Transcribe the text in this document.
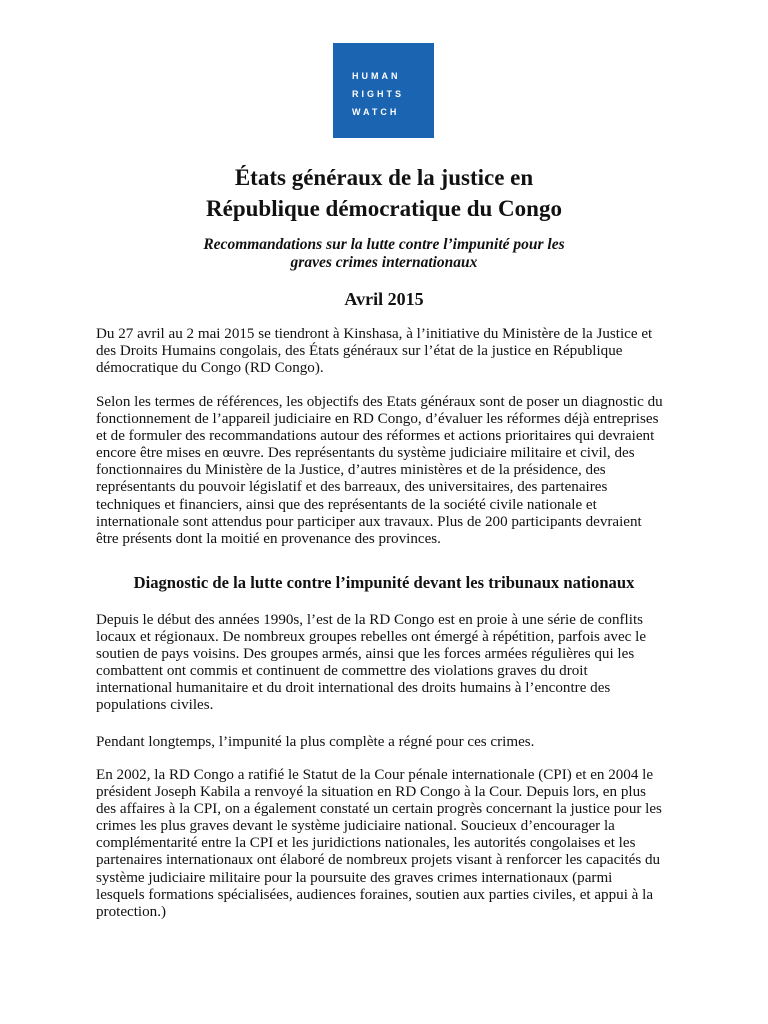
HUMAN
RIGHTS
WATCH
États généraux de la justice en
République démocratique du Congo
Recommandations sur la lutte contre l’impunité pour les
graves crimes internationaux
Avril 2015
Du 27 avril au 2 mai 2015 se tiendront à Kinshasa, à l’initiative du Ministère de la Justice et
des Droits Humains congolais, des États généraux sur l’état de la justice en République
démocratique du Congo (RD Congo).
Selon les termes de références, les objectifs des Etats généraux sont de poser un diagnostic du
fonctionnement de l’appareil judiciaire en RD Congo, d’évaluer les réformes déjà entreprises
et de formuler des recommandations autour des réformes et actions prioritaires qui devraient
encore être mises en œuvre. Des représentants du système judiciaire militaire et civil, des
fonctionnaires du Ministère de la Justice, d’autres ministères et de la présidence, des
représentants du pouvoir législatif et des barreaux, des universitaires, des partenaires
techniques et financiers, ainsi que des représentants de la société civile nationale et
internationale sont attendus pour participer aux travaux. Plus de 200 participants devraient
être présents dont la moitié en provenance des provinces.
Diagnostic de la lutte contre l’impunité devant les tribunaux nationaux
Depuis le début des années 1990s, l’est de la RD Congo est en proie à une série de conflits
locaux et régionaux. De nombreux groupes rebelles ont émergé à répétition, parfois avec le
soutien de pays voisins. Des groupes armés, ainsi que les forces armées régulières qui les
combattent ont commis et continuent de commettre des violations graves du droit
international humanitaire et du droit international des droits humains à l’encontre des
populations civiles.
Pendant longtemps, l’impunité la plus complète a régné pour ces crimes.
En 2002, la RD Congo a ratifié le Statut de la Cour pénale internationale (CPI) et en 2004 le
président Joseph Kabila a renvoyé la situation en RD Congo à la Cour. Depuis lors, en plus
des affaires à la CPI, on a également constaté un certain progrès concernant la justice pour les
crimes les plus graves devant le système judiciaire national. Soucieux d’encourager la
complémentarité entre la CPI et les juridictions nationales, les autorités congolaises et les
partenaires internationaux ont élaboré de nombreux projets visant à renforcer les capacités du
système judiciaire militaire pour la poursuite des graves crimes internationaux (parmi
lesquels formations spécialisées, audiences foraines, soutien aux parties civiles, et appui à la
protection.)
